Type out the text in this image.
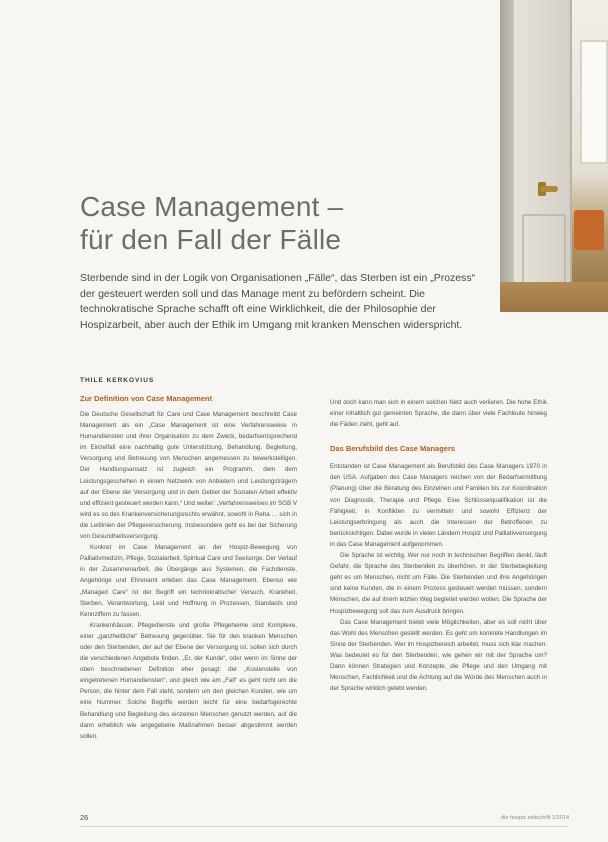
Case Management –
für den Fall der Fälle

Sterbende sind in der Logik von Organisationen „Fälle“, das Sterben ist ein „Prozess“ der gesteuert werden soll und das Manage ment zu befördern scheint. Die technokratische Sprache schafft oft eine Wirklichkeit, die der Philosophie der Hospizarbeit, aber auch der Ethik im Umgang mit kranken Menschen widerspricht.

THILE KERKOVIUS

Zur Definition von Case Management

Die Deutsche Gesellschaft für Care und Case Management beschreibt Case Management als ein „Case Management ist eine Verfahrensweise in Humandiensten und ihrer Organisation zu dem Zweck, bedarfsentsprechend im Einzelfall eine nachhaltig gute Unterstützung, Behandlung, Begleitung, Versorgung und Betreuung von Menschen angemessen zu bewerkstelligen. Der Handlungsansatz ist zugleich ein Programm, dem dem Leistungsgeschehen in einem Netzwerk von Anbietern und Leistungsträgern auf der Ebene der Versorgung und in dem Gebiet der Sozialen Arbeit effektiv und effizient gesteuert werden kann.“ Und weiter: „Verfahrensweisen im SGB V wird es so des Krankenversicherungsrechts erwähnt, sowohl in Reha … sich in die Leitlinien der Pflegeversicherung. Insbesondere geht es bei der Sicherung von Gesundheitsversorgung.

Konkret im Case Management an der Hospiz-Bewegung von Palliativmedizin, Pflege, Sozialarbeit, Spiritual Care und Seelsorge. Der Verlauf in der Zusammenarbeit, die Übergänge aus Systemen, die Fachdienste, Angehörige und Ehrenamt erleben das Case Management. Ebenso wie „Managed Care“ ist der Begriff ein technokratischer Versuch, Krankheit, Sterben, Verantwortung, Leid und Hoffnung in Prozessen, Standards und Kennziffern zu fassen.

Krankenhäuser, Pflegedienste und große Pflegeheime sind Komplexe, einer „ganzheitliche“ Betreuung gegenüber. Sie für den kranken Menschen oder den Sterbenden, der auf der Ebene der Versorgung ist, sollen sich durch die verschiedenen Angebote finden. „Er, der Kunde“, oder wenn im Sinne der oben beschriebenen Definition eher gesagt: der „Kostenstelle von eingetretenen Humandiensten“, und gleich wie am „Fall“ es geht nicht um die Person, die hinter dem Fall steht, sondern um den gleichen Kunden, wie um eine Nummer. Solche Begriffe werden leicht für eine bedarfsgerechte Behandlung und Begleitung des einzelnen Menschen genutzt werden, auf die dann erheblich wie angegebene Maßnahmen besser abgestimmt werden sollen.

Und doch kann man sich in einem solchen Netz auch verlieren. Die hohe Ethik einer inhaltlich gut gemeinten Sprache, die dann über viele Fachleute hinweg die Fäden zieht, geht auf.

Das Berufsbild des Case Managers

Entstanden ist Case Management als Berufsbild des Case Managers 1970 in den USA. Aufgaben des Case Managers reichen von der Bedarfsermittlung (Planung) über die Beratung des Einzelnen und Familien bis zur Koordination von Diagnostik, Therapie und Pflege. Eine Schlüsselqualifikation ist die Fähigkeit, in Konflikten zu vermitteln und sowohl Effizienz der Leistungserbringung als auch die Interessen der Betroffenen zu berücksichtigen. Dabei wurde in vielen Ländern Hospiz und Palliativversorgung in das Case Management aufgenommen.

Die Sprache ist wichtig. Wer nur noch in technischen Begriffen denkt, läuft Gefahr, die Sprache des Sterbenden zu überhören. In der Sterbebegleitung geht es um Menschen, nicht um Fälle. Die Sterbenden und ihre Angehörigen sind keine Kunden, die in einem Prozess gesteuert werden müssen, sondern Menschen, die auf ihrem letzten Weg begleitet werden wollen. Die Sprache der Hospizbewegung soll das zum Ausdruck bringen.

Das Case Management bietet viele Möglichkeiten, aber es soll nicht über das Wohl des Menschen gestellt werden. Es geht um konkrete Handlungen im Sinne der Sterbenden. Wer im Hospizbereich arbeitet, muss sich klar machen: Was bedeutet es für den Sterbenden, wie gehen wir mit der Sprache um? Dann können Strategien und Konzepte, die Pflege und den Umgang mit Menschen, Fachlichkeit und die Achtung auf die Würde des Menschen auch in der Sprache wirklich gelebt werden.

26	die hospiz zeitschrift 1/2014
